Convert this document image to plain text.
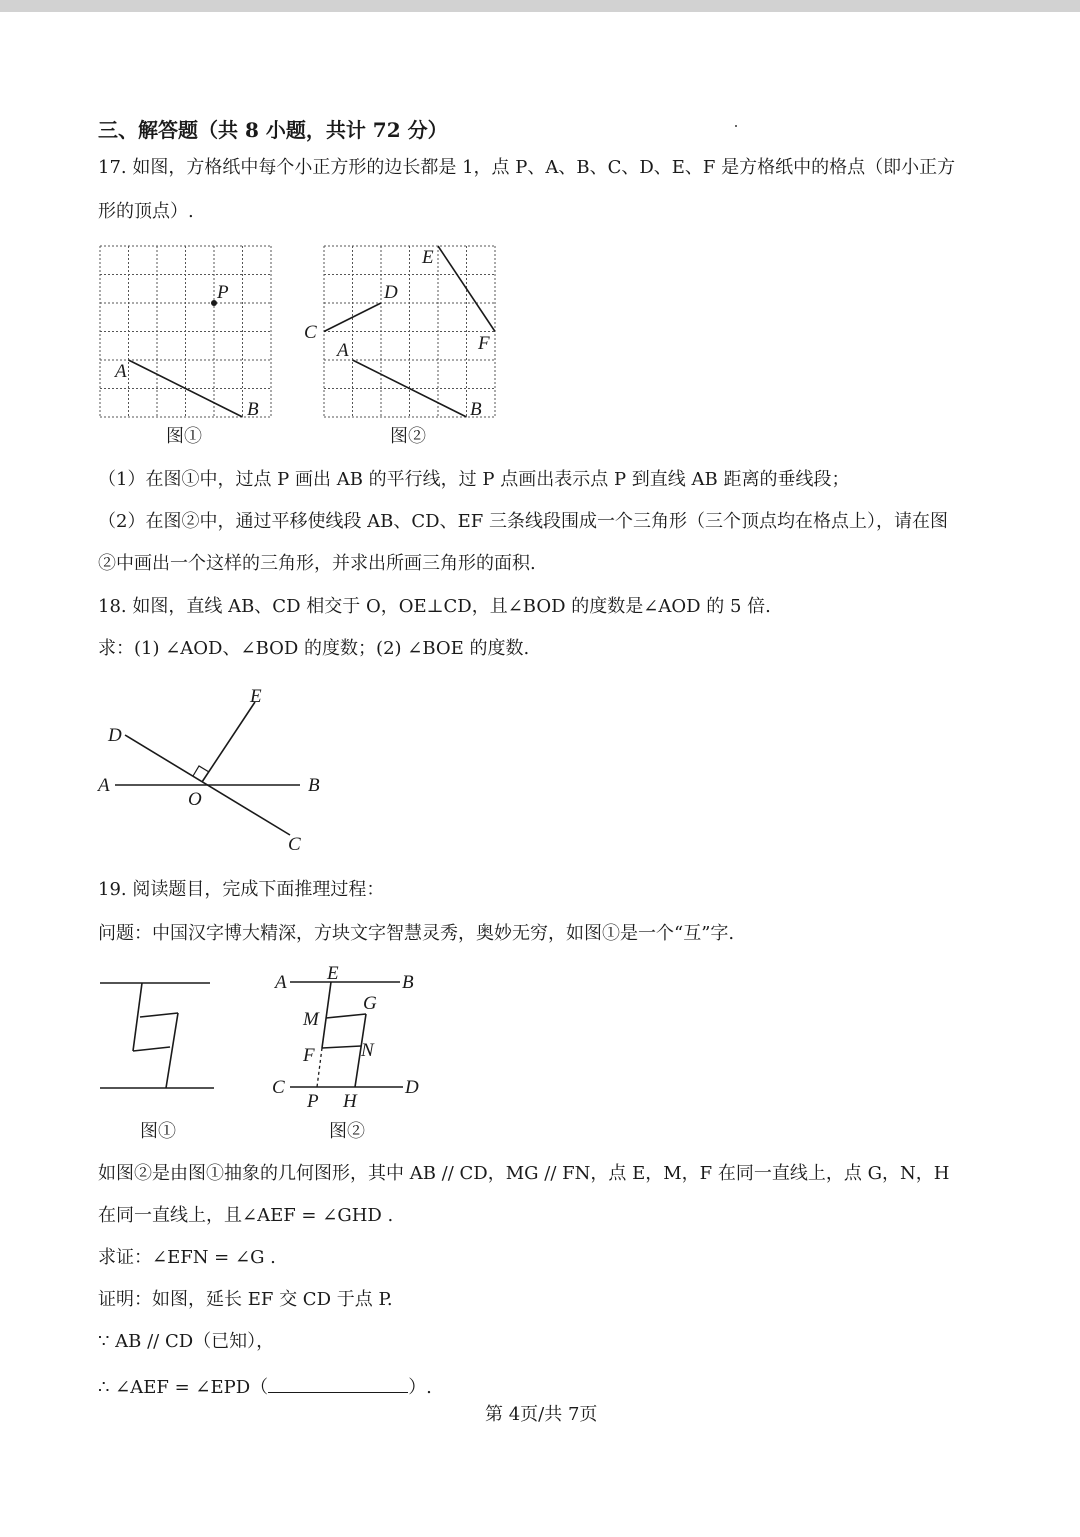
三、解答题（共 8 小题，共计 72 分）
17. 如图，方格纸中每个小正方形的边长都是 1，点 P、A、B、C、D、E、F 是方格纸中的格点（即小正方
形的顶点）.
P
A
B
图①
C
D
E
F
A
B
图②
（1）在图①中，过点 P 画出 AB 的平行线，过 P 点画出表示点 P 到直线 AB 距离的垂线段；
（2）在图②中，通过平移使线段 AB、CD、EF 三条线段围成一个三角形（三个顶点均在格点上），请在图
②中画出一个这样的三角形，并求出所画三角形的面积.
18. 如图，直线 AB、CD 相交于 O，OE⊥CD，且∠BOD 的度数是∠AOD 的 5 倍.
求：(1) ∠AOD、∠BOD 的度数；(2) ∠BOE 的度数.
A	B
C
D
E
O
19. 阅读题目，完成下面推理过程：
问题：中国汉字博大精深，方块文字智慧灵秀，奥妙无穷，如图①是一个“互”字.
图①
A	B
E
M
G
F N
C	D
P H
图②
如图②是由图①抽象的几何图形，其中 AB // CD，MG // FN，点 E，M，F 在同一直线上，点 G，N，H
在同一直线上，且∠AEF = ∠GHD .
求证：∠EFN = ∠G .
证明：如图，延长 EF 交 CD 于点 P.
∵ AB // CD（已知），
∴ ∠AEF = ∠EPD（	）.
第 4页/共 7页
